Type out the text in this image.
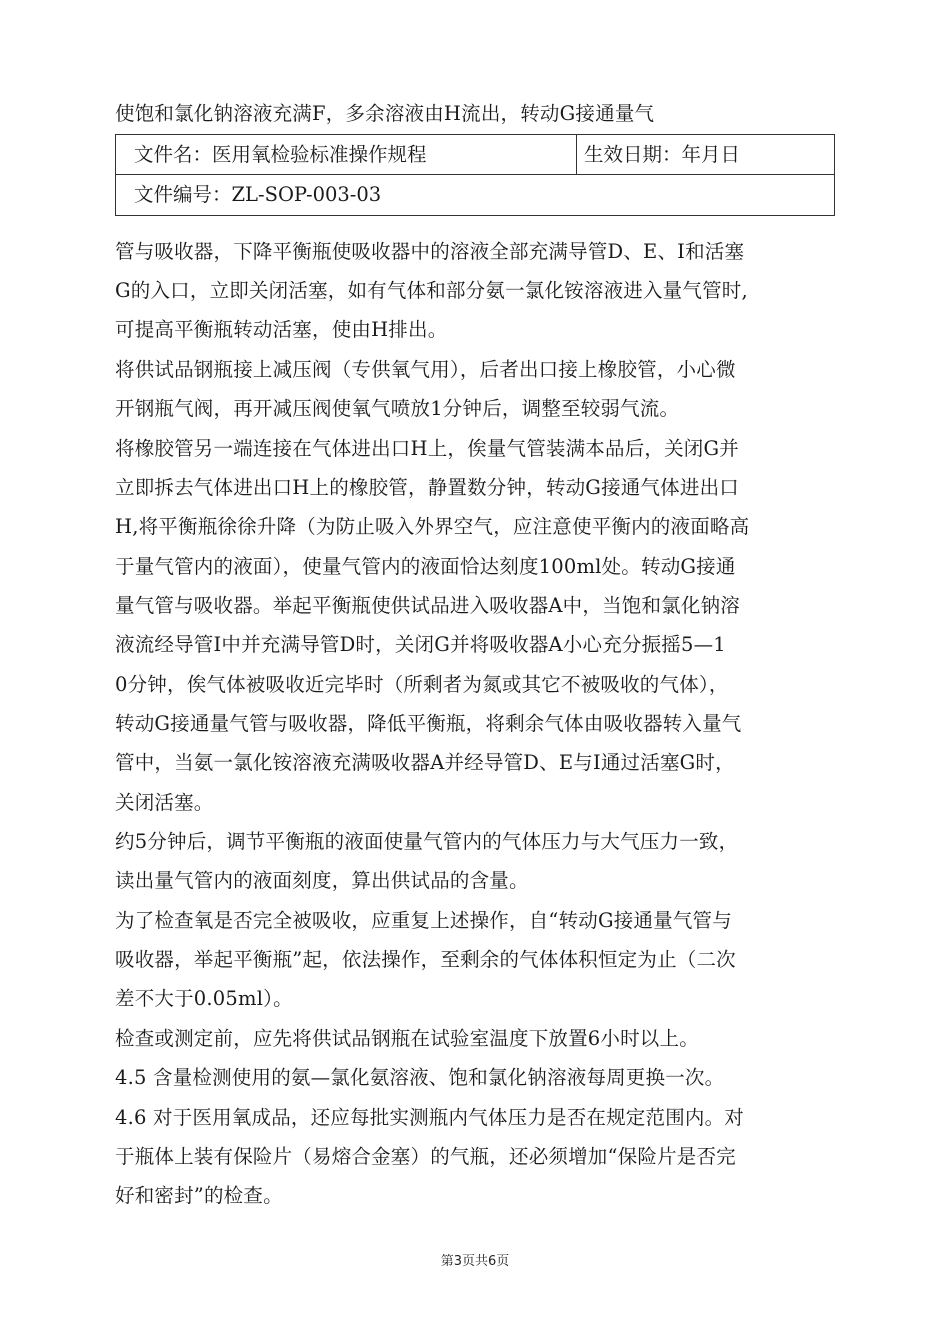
使饱和氯化钠溶液充满F，多余溶液由H流出，转动G接通量气
文件名：医用氧检验标准操作规程	生效日期：年月日
文件编号：ZL-SOP-003-03
管与吸收器，下降平衡瓶使吸收器中的溶液全部充满导管D、E、I和活塞
G的入口，立即关闭活塞，如有气体和部分氨一氯化铵溶液进入量气管时,
可提高平衡瓶转动活塞，使由H排出。
将供试品钢瓶接上减压阀（专供氧气用），后者出口接上橡胶管，小心微
开钢瓶气阀，再开减压阀使氧气喷放1分钟后，调整至较弱气流。
将橡胶管另一端连接在气体进出口H上，俟量气管装满本品后，关闭G并
立即拆去气体进出口H上的橡胶管，静置数分钟，转动G接通气体进出口
H,将平衡瓶徐徐升降（为防止吸入外界空气，应注意使平衡内的液面略高
于量气管内的液面），使量气管内的液面恰达刻度100ml处。转动G接通
量气管与吸收器。举起平衡瓶使供试品进入吸收器A中，当饱和氯化钠溶
液流经导管I中并充满导管D时，关闭G并将吸收器A小心充分振摇5—1
0分钟，俟气体被吸收近完毕时（所剩者为氮或其它不被吸收的气体），
转动G接通量气管与吸收器，降低平衡瓶，将剩余气体由吸收器转入量气
管中，当氨一氯化铵溶液充满吸收器A并经导管D、E与I通过活塞G时，
关闭活塞。
约5分钟后，调节平衡瓶的液面使量气管内的气体压力与大气压力一致，
读出量气管内的液面刻度，算出供试品的含量。
为了检查氧是否完全被吸收，应重复上述操作，自“转动G接通量气管与
吸收器，举起平衡瓶”起，依法操作，至剩余的气体体积恒定为止（二次
差不大于0.05ml）。
检查或测定前，应先将供试品钢瓶在试验室温度下放置6小时以上。
4.5 含量检测使用的氨—氯化氨溶液、饱和氯化钠溶液每周更换一次。
4.6 对于医用氧成品，还应每批实测瓶内气体压力是否在规定范围内。对
于瓶体上装有保险片（易熔合金塞）的气瓶，还必须增加“保险片是否完
好和密封”的检查。
第3页共6页
